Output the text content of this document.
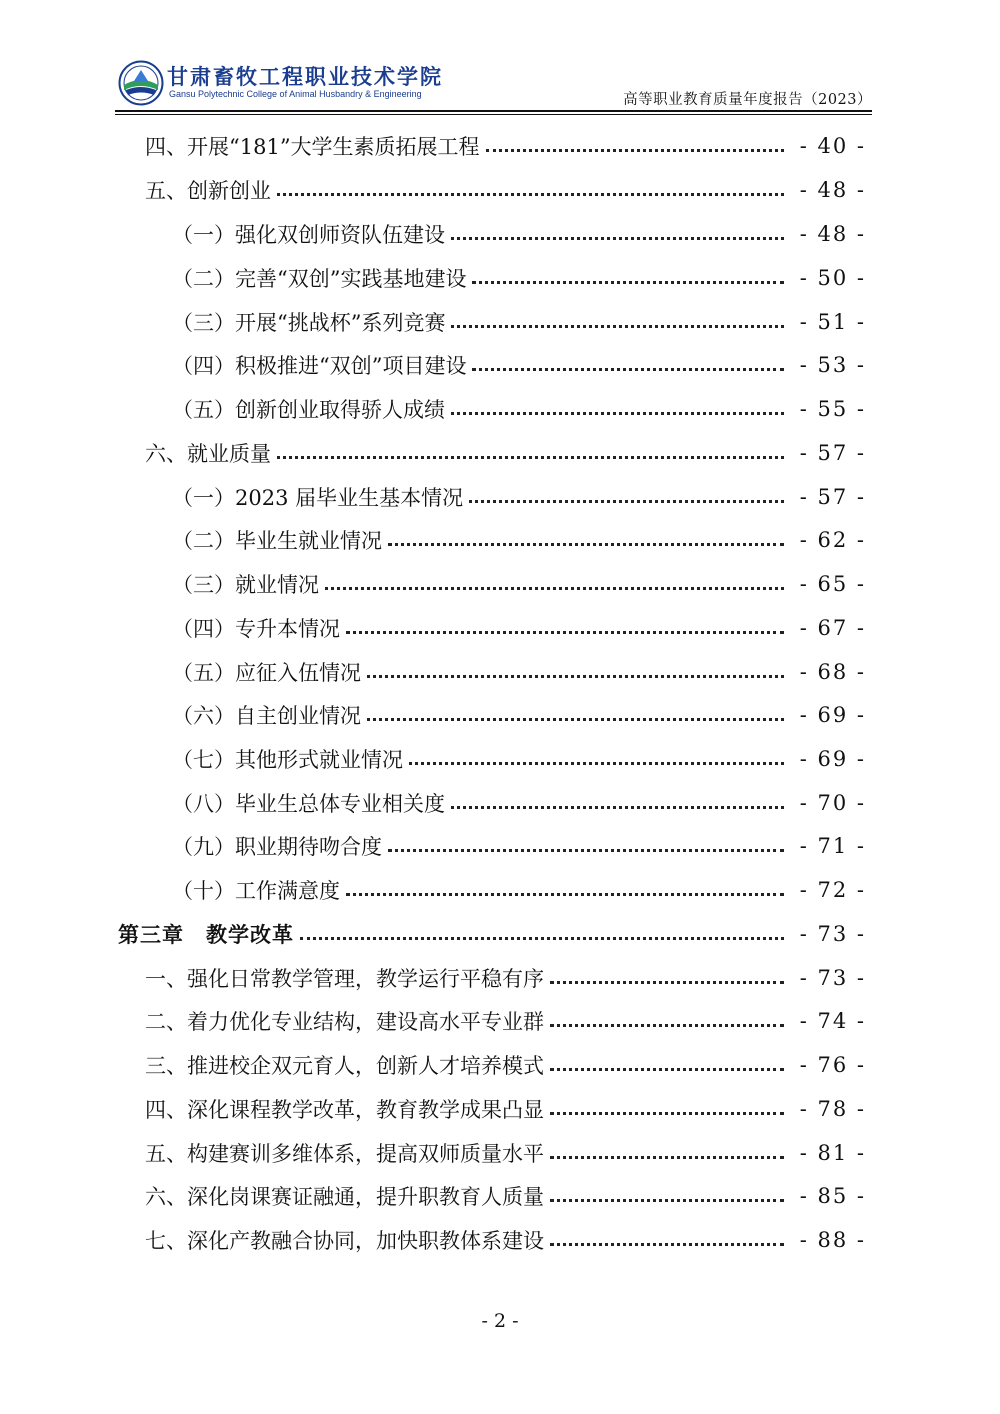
甘肃畜牧工程职业技术学院
Gansu Polytechnic College of Animal Husbandry & Engineering	高等职业教育质量年度报告（2023）
四、开展“181”大学生素质拓展工程	- 40 -
五、创新创业	- 48 -
（一）强化双创师资队伍建设	- 48 -
（二）完善“双创”实践基地建设	- 50 -
（三）开展“挑战杯”系列竞赛	- 51 -
（四）积极推进“双创”项目建设	- 53 -
（五）创新创业取得骄人成绩	- 55 -
六、就业质量	- 57 -
（一）2023 届毕业生基本情况	- 57 -
（二）毕业生就业情况	- 62 -
（三）就业情况	- 65 -
（四）专升本情况	- 67 -
（五）应征入伍情况	- 68 -
（六）自主创业情况	- 69 -
（七）其他形式就业情况	- 69 -
（八）毕业生总体专业相关度	- 70 -
（九）职业期待吻合度	- 71 -
（十）工作满意度	- 72 -
第三章　教学改革	- 73 -
一、强化日常教学管理，教学运行平稳有序	- 73 -
二、着力优化专业结构，建设高水平专业群	- 74 -
三、推进校企双元育人，创新人才培养模式	- 76 -
四、深化课程教学改革，教育教学成果凸显	- 78 -
五、构建赛训多维体系，提高双师质量水平	- 81 -
六、深化岗课赛证融通，提升职教育人质量	- 85 -
七、深化产教融合协同，加快职教体系建设	- 88 -
- 2 -
